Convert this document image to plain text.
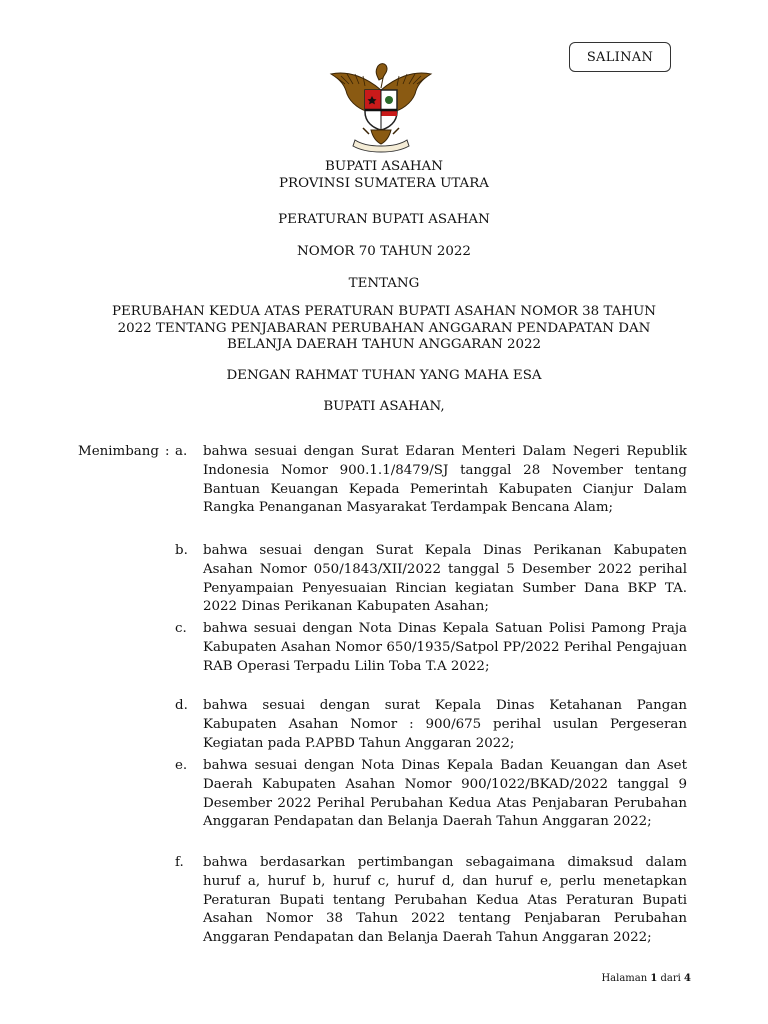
SALINAN
BUPATI ASAHAN
PROVINSI SUMATERA UTARA
PERATURAN BUPATI ASAHAN
NOMOR 70 TAHUN 2022
TENTANG
PERUBAHAN KEDUA ATAS PERATURAN BUPATI ASAHAN NOMOR 38 TAHUN
2022 TENTANG PENJABARAN PERUBAHAN ANGGARAN PENDAPATAN DAN
BELANJA DAERAH TAHUN ANGGARAN 2022
DENGAN RAHMAT TUHAN YANG MAHA ESA
BUPATI ASAHAN,
Menimbang : a. bahwa sesuai dengan Surat Edaran Menteri Dalam Negeri Republik Indonesia Nomor 900.1.1/8479/SJ tanggal 28 November tentang Bantuan Keuangan Kepada Pemerintah Kabupaten Cianjur Dalam Rangka Penanganan Masyarakat Terdampak Bencana Alam;
b. bahwa sesuai dengan Surat Kepala Dinas Perikanan Kabupaten Asahan Nomor 050/1843/XII/2022 tanggal 5 Desember 2022 perihal Penyampaian Penyesuaian Rincian kegiatan Sumber Dana BKP TA. 2022 Dinas Perikanan Kabupaten Asahan;
c. bahwa sesuai dengan Nota Dinas Kepala Satuan Polisi Pamong Praja Kabupaten Asahan Nomor 650/1935/Satpol PP/2022 Perihal Pengajuan RAB Operasi Terpadu Lilin Toba T.A 2022;
d. bahwa sesuai dengan surat Kepala Dinas Ketahanan Pangan Kabupaten Asahan Nomor : 900/675 perihal usulan Pergeseran Kegiatan pada P.APBD Tahun Anggaran 2022;
e. bahwa sesuai dengan Nota Dinas Kepala Badan Keuangan dan Aset Daerah Kabupaten Asahan Nomor 900/1022/BKAD/2022 tanggal 9 Desember 2022 Perihal Perubahan Kedua Atas Penjabaran Perubahan Anggaran Pendapatan dan Belanja Daerah Tahun Anggaran 2022;
f. bahwa berdasarkan pertimbangan sebagaimana dimaksud dalam huruf a, huruf b, huruf c, huruf d, dan huruf e, perlu menetapkan Peraturan Bupati tentang Perubahan Kedua Atas Peraturan Bupati Asahan Nomor 38 Tahun 2022 tentang Penjabaran Perubahan Anggaran Pendapatan dan Belanja Daerah Tahun Anggaran 2022;
Halaman 1 dari 4
